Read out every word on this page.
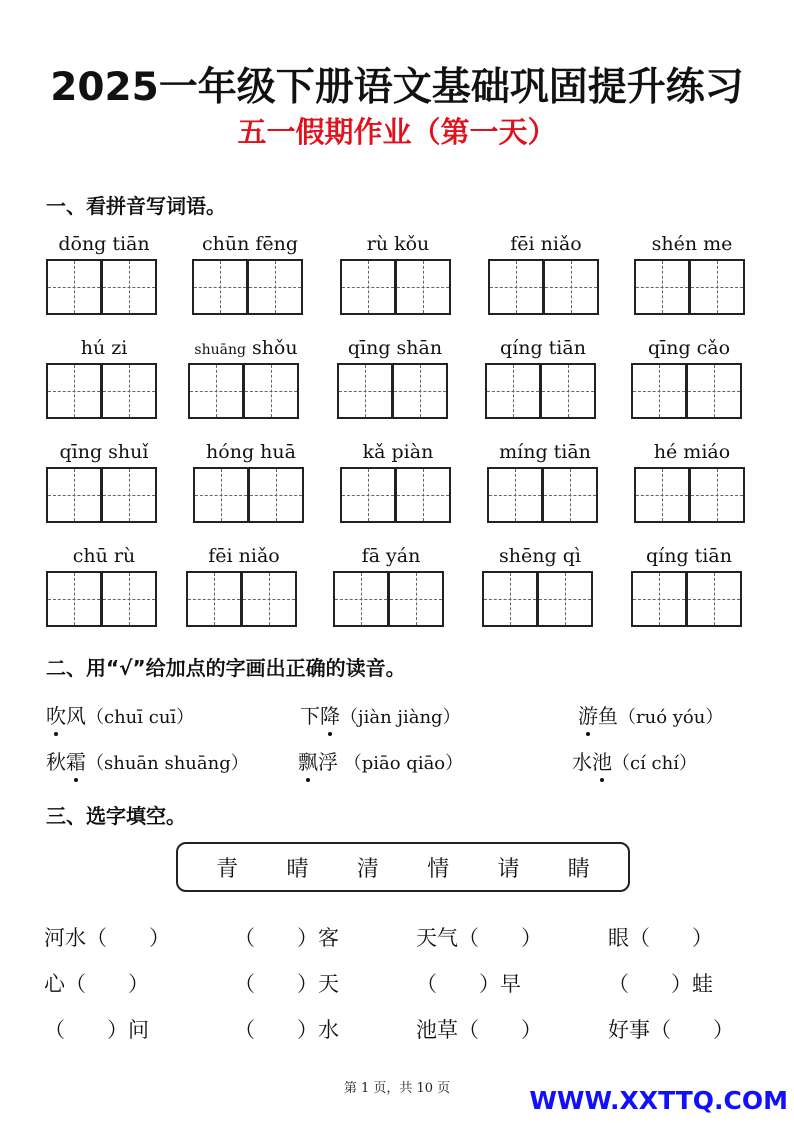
2025一年级下册语文基础巩固提升练习
五一假期作业（第一天）
一、看拼音写词语。
dōng tiān	chūn fēng	rù kǒu	fēi niǎo	shén me
hú zi	shuāng shǒu	qīng shān	qíng tiān	qīng cǎo
qīng shuǐ	hóng huā	kǎ piàn	míng tiān	hé miáo
chū rù	fēi niǎo	fā yán	shēng qì	qíng tiān
二、用“√”给加点的字画出正确的读音。
吹风（chuī cuī）	下降（jiàn jiàng）	游鱼（ruó yóu）
秋霜（shuān shuāng） 飘浮 （piāo qiāo）	水池（cí chí）
三、选字填空。
青 晴 清 情 请 睛
河水（　　）	（　　）客	天气（　　）	眼（　　）
心（　　）	（　　）天	（　　）早	（　　）蛙
（　　）问	（　　）水	池草（　　）	好事（　　）
第 1 页，共 10 页	WWW.XXTTQ.COM
